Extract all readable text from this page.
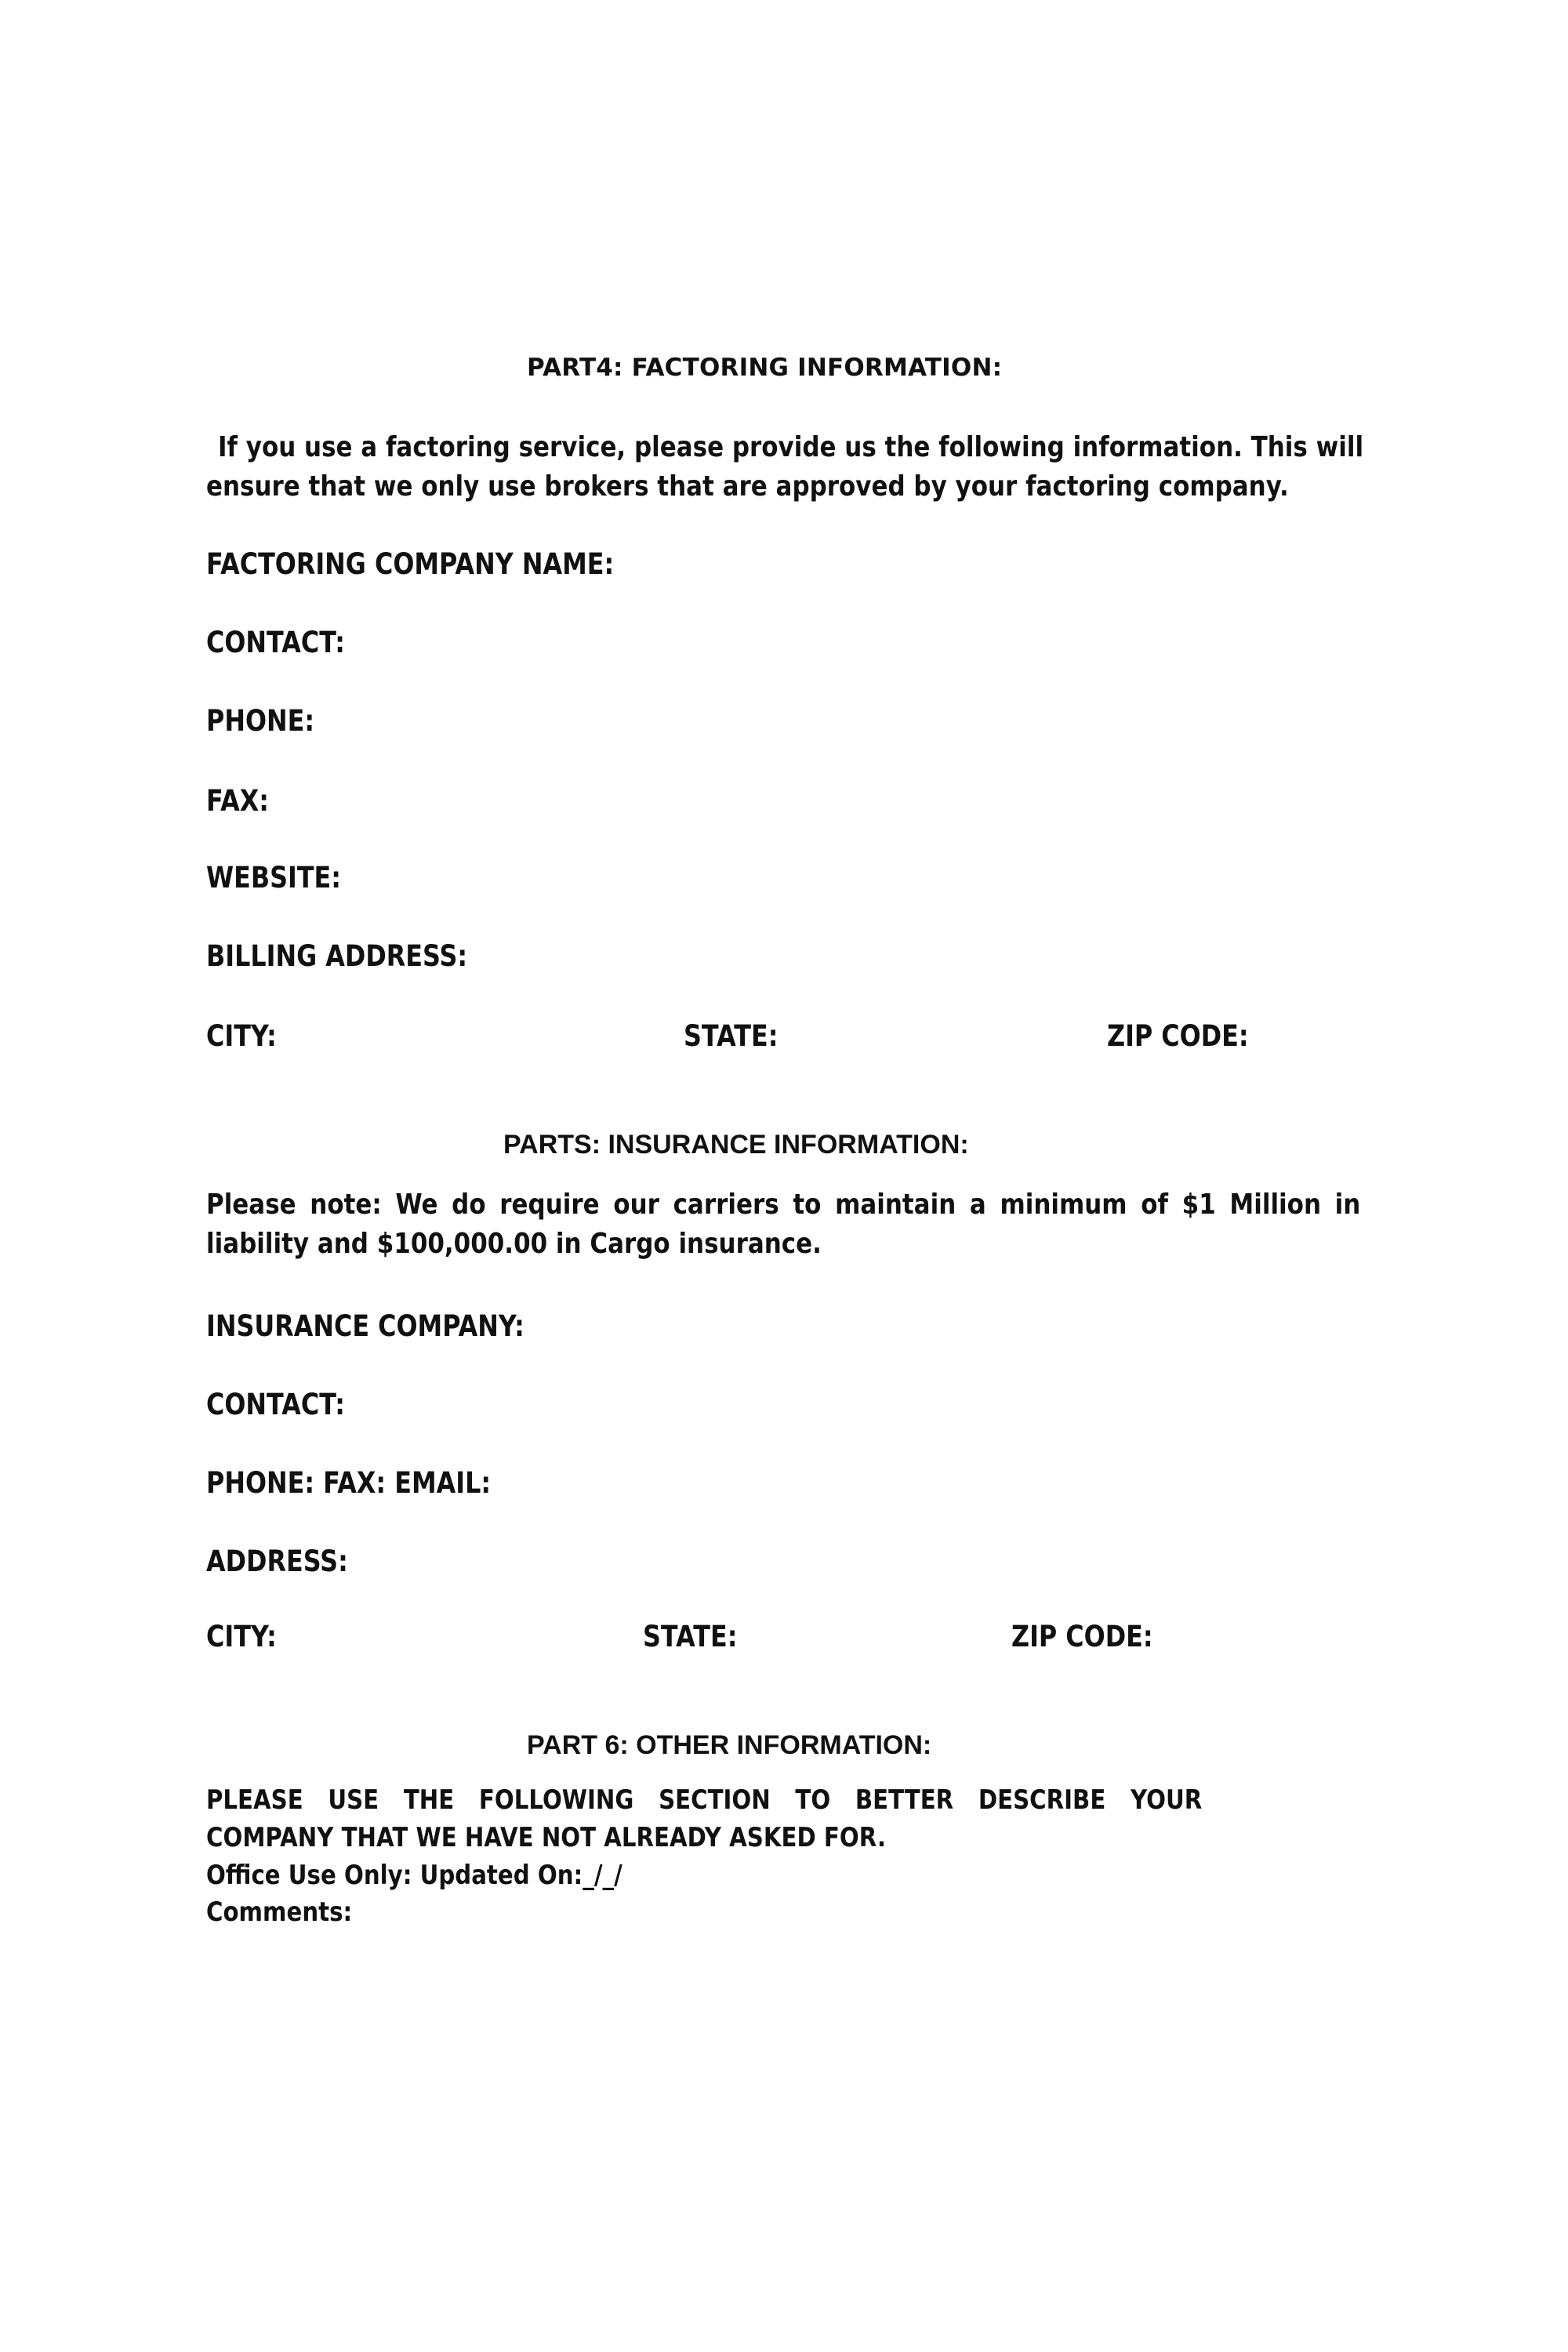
PART4: FACTORING INFORMATION:
If you use a factoring service, please provide us the following information. This will
ensure that we only use brokers that are approved by your factoring company.
FACTORING COMPANY NAME:
CONTACT:
PHONE:
FAX:
WEBSITE:
BILLING ADDRESS:
CITY:	STATE:	ZIP CODE:
PARTS: INSURANCE INFORMATION:
Please note: We do require our carriers to maintain a minimum of $1 Million in liability and $100,000.00 in Cargo insurance.
INSURANCE COMPANY:
CONTACT:
PHONE: FAX: EMAIL:
ADDRESS:
CITY:	STATE:	ZIP CODE:
PART 6: OTHER INFORMATION:
PLEASE USE THE FOLLOWING SECTION TO BETTER DESCRIBE YOUR COMPANY THAT WE HAVE NOT ALREADY ASKED FOR.
Office Use Only: Updated On:_/_/
Comments:
